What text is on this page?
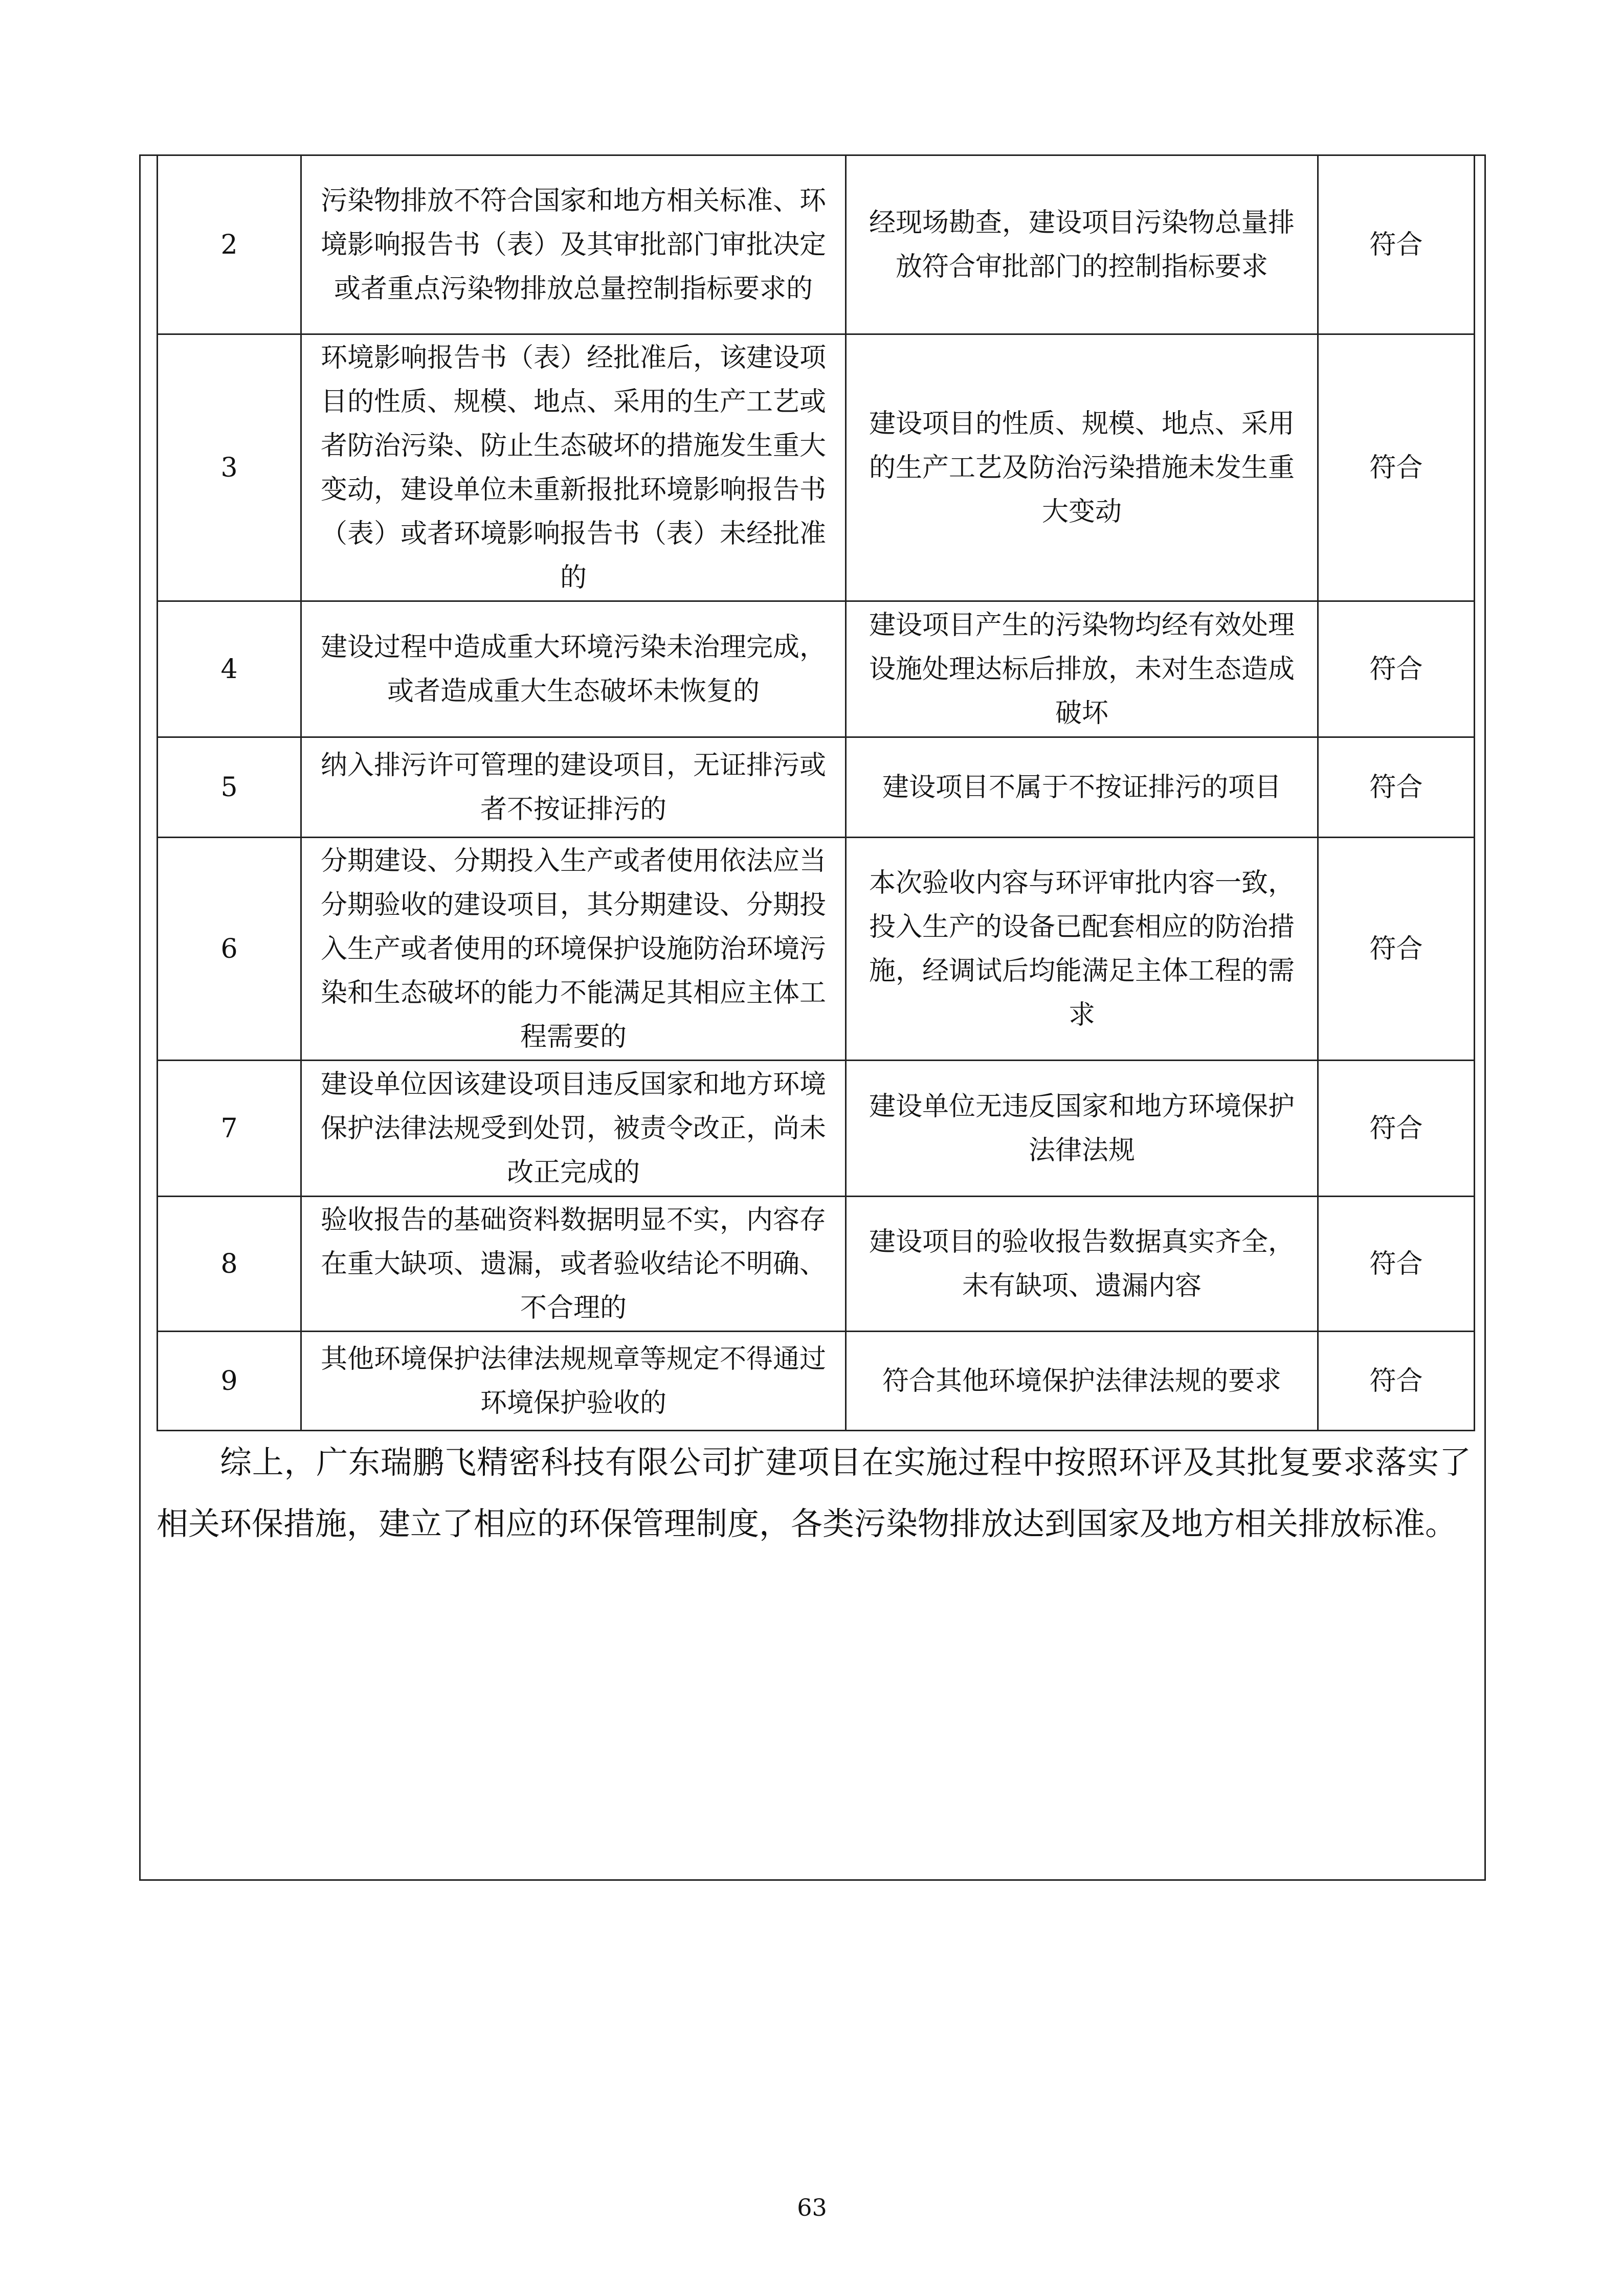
2	污染物排放不符合国家和地方相关标准、环境影响报告书（表）及其审批部门审批决定或者重点污染物排放总量控制指标要求的	经现场勘查，建设项目污染物总量排放符合审批部门的控制指标要求	符合
3	环境影响报告书（表）经批准后，该建设项目的性质、规模、地点、采用的生产工艺或者防治污染、防止生态破坏的措施发生重大变动，建设单位未重新报批环境影响报告书（表）或者环境影响报告书（表）未经批准的	建设项目的性质、规模、地点、采用的生产工艺及防治污染措施未发生重大变动	符合
4	建设过程中造成重大环境污染未治理完成，或者造成重大生态破坏未恢复的	建设项目产生的污染物均经有效处理设施处理达标后排放，未对生态造成破坏	符合
5	纳入排污许可管理的建设项目，无证排污或者不按证排污的	建设项目不属于不按证排污的项目	符合
6	分期建设、分期投入生产或者使用依法应当分期验收的建设项目，其分期建设、分期投入生产或者使用的环境保护设施防治环境污染和生态破坏的能力不能满足其相应主体工程需要的	本次验收内容与环评审批内容一致，投入生产的设备已配套相应的防治措施，经调试后均能满足主体工程的需求	符合
7	建设单位因该建设项目违反国家和地方环境保护法律法规受到处罚，被责令改正，尚未改正完成的	建设单位无违反国家和地方环境保护法律法规	符合
8	验收报告的基础资料数据明显不实，内容存在重大缺项、遗漏，或者验收结论不明确、不合理的	建设项目的验收报告数据真实齐全，未有缺项、遗漏内容	符合
9	其他环境保护法律法规规章等规定不得通过环境保护验收的	符合其他环境保护法律法规的要求	符合

综上，广东瑞鹏飞精密科技有限公司扩建项目在实施过程中按照环评及其批复要求落实了相关环保措施，建立了相应的环保管理制度，各类污染物排放达到国家及地方相关排放标准。

63
